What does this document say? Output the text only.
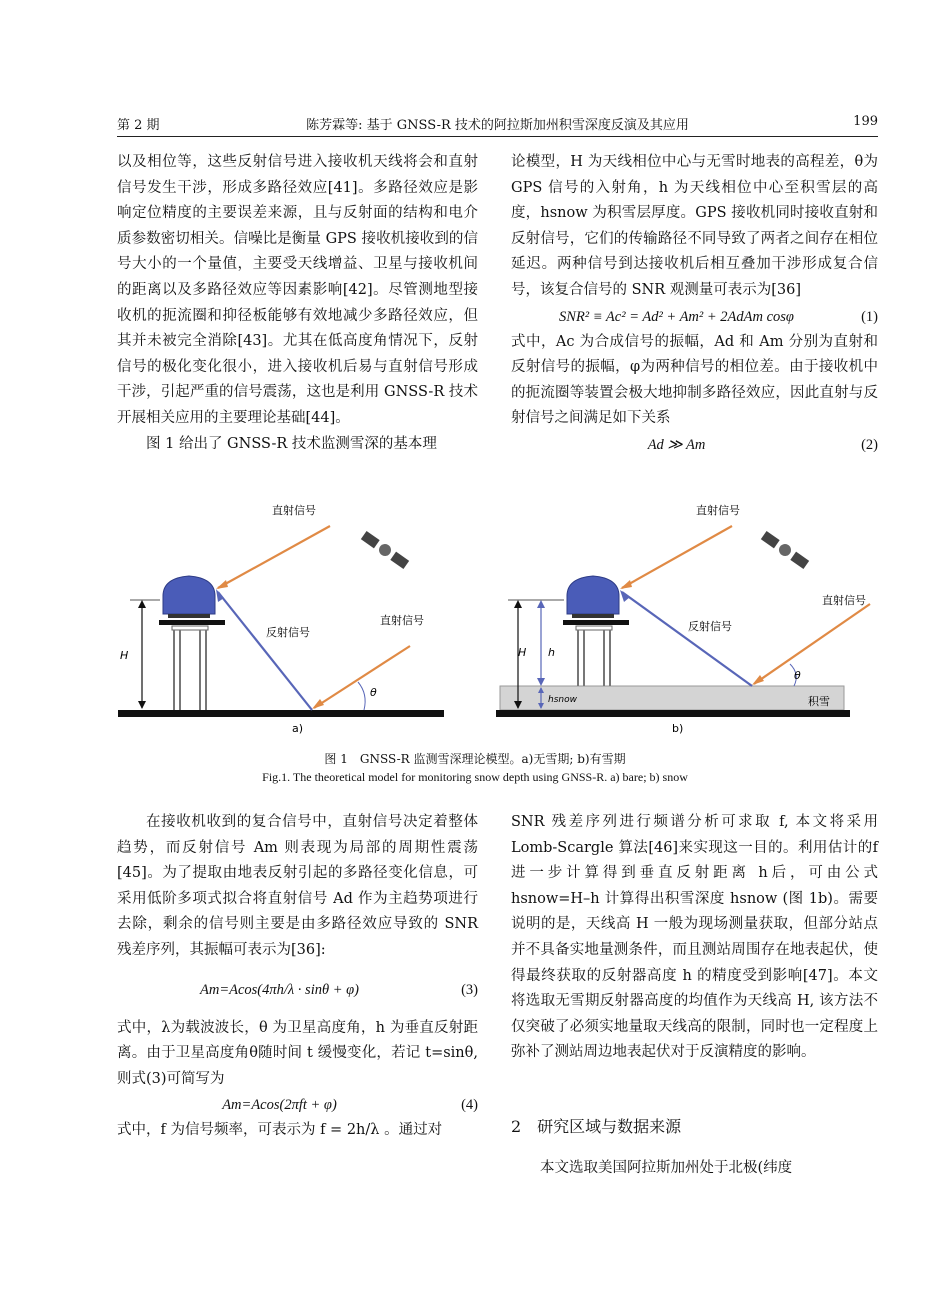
第 2 期	陈芳霖等: 基于 GNSS-R 技术的阿拉斯加州积雪深度反演及其应用	199

以及相位等，这些反射信号进入接收机天线将会和直射信号发生干涉，形成多路径效应[41]。多路径效应是影响定位精度的主要误差来源，且与反射面的结构和电介质参数密切相关。信噪比是衡量 GPS 接收机接收到的信号大小的一个量值，主要受天线增益、卫星与接收机间的距离以及多路径效应等因素影响[42]。尽管测地型接收机的扼流圈和抑径板能够有效地减少多路径效应，但其并未被完全消除[43]。尤其在低高度角情况下，反射信号的极化变化很小，进入接收机后易与直射信号形成干涉，引起严重的信号震荡，这也是利用 GNSS-R 技术开展相关应用的主要理论基础[44]。

图 1 给出了 GNSS-R 技术监测雪深的基本理

论模型，H 为天线相位中心与无雪时地表的高程差，θ为 GPS 信号的入射角，h 为天线相位中心至积雪层的高度，hsnow 为积雪层厚度。GPS 接收机同时接收直射和反射信号，它们的传输路径不同导致了两者之间存在相位延迟。两种信号到达接收机后相互叠加干涉形成复合信号，该复合信号的 SNR 观测量可表示为[36]

SNR² ≡ Ac² = Ad² + Am² + 2AdAm cosφ	(1)

式中，Ac 为合成信号的振幅，Ad 和 Am 分别为直射和反射信号的振幅，φ为两种信号的相位差。由于接收机中的扼流圈等装置会极大地抑制多路径效应，因此直射与反射信号之间满足如下关系

Ad ≫ Am	(2)
H
直射信号
反射信号
直射信号
θ
a)
H h
hsnow
直射信号
反射信号
直射信号
θ
积雪
b)
图 1　GNSS-R 监测雪深理论模型。a)无雪期; b)有雪期
Fig.1. The theoretical model for monitoring snow depth using GNSS-R. a) bare; b) snow

在接收机收到的复合信号中，直射信号决定着整体趋势，而反射信号 Am 则表现为局部的周期性震荡[45]。为了提取由地表反射引起的多路径变化信息，可采用低阶多项式拟合将直射信号 Ad 作为主趋势项进行去除，剩余的信号则主要是由多路径效应导致的 SNR 残差序列，其振幅可表示为[36]:

Am=Acos(4πh/λ · sinθ + φ)	(3)

式中，λ为载波波长，θ 为卫星高度角，h 为垂直反射距离。由于卫星高度角θ随时间 t 缓慢变化，若记 t=sinθ, 则式(3)可简写为

Am=Acos(2πft + φ)	(4)

式中，f 为信号频率，可表示为 f = 2h/λ 。通过对

SNR 残差序列进行频谱分析可求取 f, 本文将采用 Lomb-Scargle 算法[46]来实现这一目的。利用估计的f进一步计算得到垂直反射距离 h后，可由公式 hsnow=H–h 计算得出积雪深度 hsnow (图 1b)。需要说明的是，天线高 H 一般为现场测量获取，但部分站点并不具备实地量测条件，而且测站周围存在地表起伏，使得最终获取的反射器高度 h 的精度受到影响[47]。本文将选取无雪期反射器高度的均值作为天线高 H, 该方法不仅突破了必须实地量取天线高的限制，同时也一定程度上弥补了测站周边地表起伏对于反演精度的影响。

2　研究区域与数据来源

本文选取美国阿拉斯加州处于北极(纬度
